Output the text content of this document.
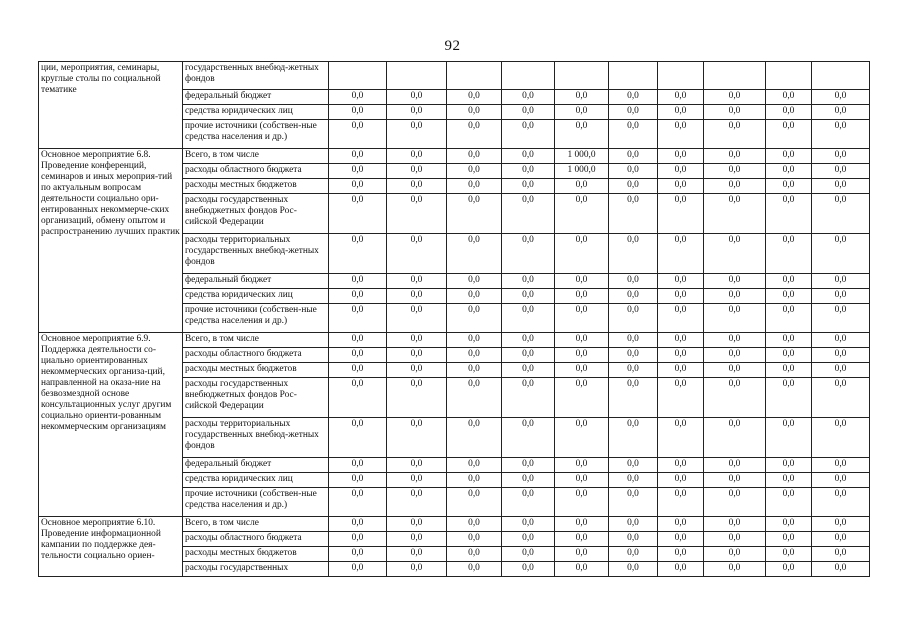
92
ции, мероприятия, семинары, круглые столы по социальной тематике	государственных внебюд-жетных фондов										
	федеральный бюджет	0,0	0,0	0,0	0,0	0,0	0,0	0,0	0,0	0,0	0,0
	средства юридических лиц	0,0	0,0	0,0	0,0	0,0	0,0	0,0	0,0	0,0	0,0
	прочие источники (собствен-ные средства населения и др.)	0,0	0,0	0,0	0,0	0,0	0,0	0,0	0,0	0,0	0,0
Основное мероприятие 6.8. Проведение конференций, семинаров и иных мероприя-тий по актуальным вопросам деятельности социально ори-ентированных некоммерче-ских организаций, обмену опытом и распространению лучших практик	Всего, в том числе	0,0	0,0	0,0	0,0	1 000,0	0,0	0,0	0,0	0,0	0,0
	расходы областного бюджета	0,0	0,0	0,0	0,0	1 000,0	0,0	0,0	0,0	0,0	0,0
	расходы местных бюджетов	0,0	0,0	0,0	0,0	0,0	0,0	0,0	0,0	0,0	0,0
	расходы государственных внебюджетных фондов Рос-сийской Федерации	0,0	0,0	0,0	0,0	0,0	0,0	0,0	0,0	0,0	0,0
	расходы территориальных государственных внебюд-жетных фондов	0,0	0,0	0,0	0,0	0,0	0,0	0,0	0,0	0,0	0,0
	федеральный бюджет	0,0	0,0	0,0	0,0	0,0	0,0	0,0	0,0	0,0	0,0
	средства юридических лиц	0,0	0,0	0,0	0,0	0,0	0,0	0,0	0,0	0,0	0,0
	прочие источники (собствен-ные средства населения и др.)	0,0	0,0	0,0	0,0	0,0	0,0	0,0	0,0	0,0	0,0
Основное мероприятие 6.9. Поддержка деятельности со-циально ориентированных некоммерческих организа-ций, направленной на оказа-ние на безвозмездной основе консультационных услуг другим социально ориенти-рованным некоммерческим организациям	Всего, в том числе	0,0	0,0	0,0	0,0	0,0	0,0	0,0	0,0	0,0	0,0
	расходы областного бюджета	0,0	0,0	0,0	0,0	0,0	0,0	0,0	0,0	0,0	0,0
	расходы местных бюджетов	0,0	0,0	0,0	0,0	0,0	0,0	0,0	0,0	0,0	0,0
	расходы государственных внебюджетных фондов Рос-сийской Федерации	0,0	0,0	0,0	0,0	0,0	0,0	0,0	0,0	0,0	0,0
	расходы территориальных государственных внебюд-жетных фондов	0,0	0,0	0,0	0,0	0,0	0,0	0,0	0,0	0,0	0,0
	федеральный бюджет	0,0	0,0	0,0	0,0	0,0	0,0	0,0	0,0	0,0	0,0
	средства юридических лиц	0,0	0,0	0,0	0,0	0,0	0,0	0,0	0,0	0,0	0,0
	прочие источники (собствен-ные средства населения и др.)	0,0	0,0	0,0	0,0	0,0	0,0	0,0	0,0	0,0	0,0
Основное мероприятие 6.10. Проведение информационной кампании по поддержке дея-тельности социально ориен-	Всего, в том числе	0,0	0,0	0,0	0,0	0,0	0,0	0,0	0,0	0,0	0,0
	расходы областного бюджета	0,0	0,0	0,0	0,0	0,0	0,0	0,0	0,0	0,0	0,0
	расходы местных бюджетов	0,0	0,0	0,0	0,0	0,0	0,0	0,0	0,0	0,0	0,0
	расходы государственных	0,0	0,0	0,0	0,0	0,0	0,0	0,0	0,0	0,0	0,0
